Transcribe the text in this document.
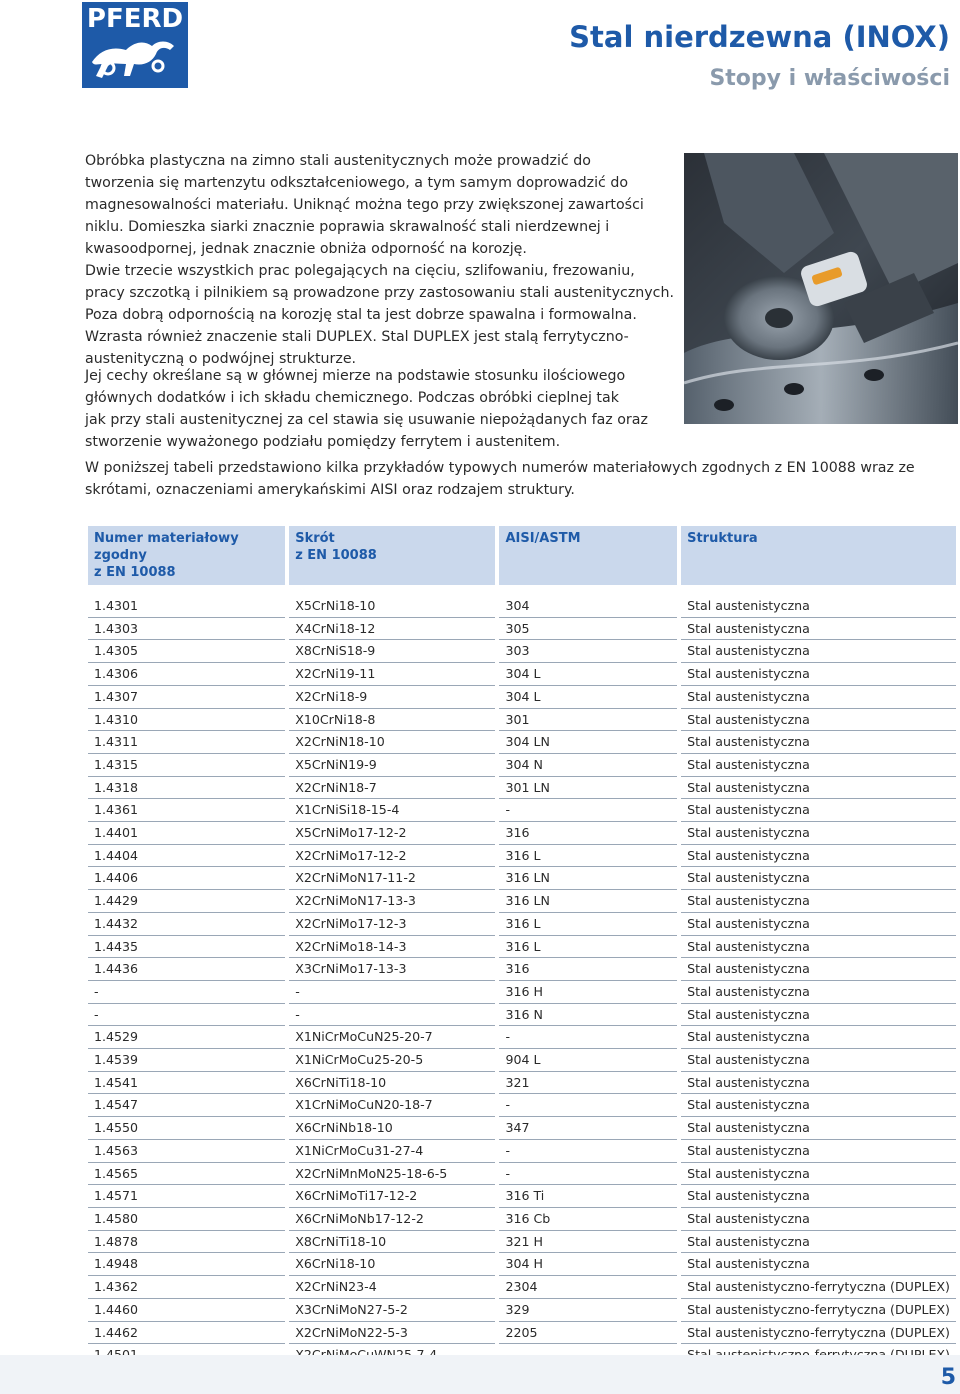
PFERD
Stal nierdzewna (INOX)
Stopy i właściwości
Obróbka plastyczna na zimno stali austenitycznych może prowadzić do
tworzenia się martenzytu odkształceniowego, a tym samym doprowadzić do
magnesowalności materiału. Uniknąć można tego przy zwiększonej zawartości
niklu. Domieszka siarki znacznie poprawia skrawalność stali nierdzewnej i
kwasoodpornej, jednak znacznie obniża odporność na korozję.
Dwie trzecie wszystkich prac polegających na cięciu, szlifowaniu, frezowaniu,
pracy szczotką i pilnikiem są prowadzone przy zastosowaniu stali austenitycznych.
Poza dobrą odpornością na korozję stal ta jest dobrze spawalna i formowalna.
Wzrasta również znaczenie stali DUPLEX. Stal DUPLEX jest stalą ferrytyczno-
austenityczną o podwójnej strukturze.
Jej cechy określane są w głównej mierze na podstawie stosunku ilościowego
głównych dodatków i ich składu chemicznego. Podczas obróbki cieplnej tak
jak przy stali austenitycznej za cel stawia się usuwanie niepożądanych faz oraz
stworzenie wyważonego podziału pomiędzy ferrytem i austenitem.
W poniższej tabeli przedstawiono kilka przykładów typowych numerów materiałowych zgodnych z EN 10088 wraz ze
skrótami, oznaczeniami amerykańskimi AISI oraz rodzajem struktury.
Numer materiałowy zgodny
z EN 10088	Skrót
z EN 10088	AISI/ASTM	Struktura

1.4301	X5CrNi18-10	304	Stal austenistyczna
1.4303	X4CrNi18-12	305	Stal austenistyczna
1.4305	X8CrNiS18-9	303	Stal austenistyczna
1.4306	X2CrNi19-11	304 L	Stal austenistyczna
1.4307	X2CrNi18-9	304 L	Stal austenistyczna
1.4310	X10CrNi18-8	301	Stal austenistyczna
1.4311	X2CrNiN18-10	304 LN	Stal austenistyczna
1.4315	X5CrNiN19-9	304 N	Stal austenistyczna
1.4318	X2CrNiN18-7	301 LN	Stal austenistyczna
1.4361	X1CrNiSi18-15-4	-	Stal austenistyczna
1.4401	X5CrNiMo17-12-2	316	Stal austenistyczna
1.4404	X2CrNiMo17-12-2	316 L	Stal austenistyczna
1.4406	X2CrNiMoN17-11-2	316 LN	Stal austenistyczna
1.4429	X2CrNiMoN17-13-3	316 LN	Stal austenistyczna
1.4432	X2CrNiMo17-12-3	316 L	Stal austenistyczna
1.4435	X2CrNiMo18-14-3	316 L	Stal austenistyczna
1.4436	X3CrNiMo17-13-3	316	Stal austenistyczna
-	-	316 H	Stal austenistyczna
-	-	316 N	Stal austenistyczna
1.4529	X1NiCrMoCuN25-20-7	-	Stal austenistyczna
1.4539	X1NiCrMoCu25-20-5	904 L	Stal austenistyczna
1.4541	X6CrNiTi18-10	321	Stal austenistyczna
1.4547	X1CrNiMoCuN20-18-7	-	Stal austenistyczna
1.4550	X6CrNiNb18-10	347	Stal austenistyczna
1.4563	X1NiCrMoCu31-27-4	-	Stal austenistyczna
1.4565	X2CrNiMnMoN25-18-6-5	-	Stal austenistyczna
1.4571	X6CrNiMoTi17-12-2	316 Ti	Stal austenistyczna
1.4580	X6CrNiMoNb17-12-2	316 Cb	Stal austenistyczna
1.4878	X8CrNiTi18-10	321 H	Stal austenistyczna
1.4948	X6CrNi18-10	304 H	Stal austenistyczna
1.4362	X2CrNiN23-4	2304	Stal austenistyczno-ferrytyczna (DUPLEX)
1.4460	X3CrNiMoN27-5-2	329	Stal austenistyczno-ferrytyczna (DUPLEX)
1.4462	X2CrNiMoN22-5-3	2205	Stal austenistyczno-ferrytyczna (DUPLEX)

5
